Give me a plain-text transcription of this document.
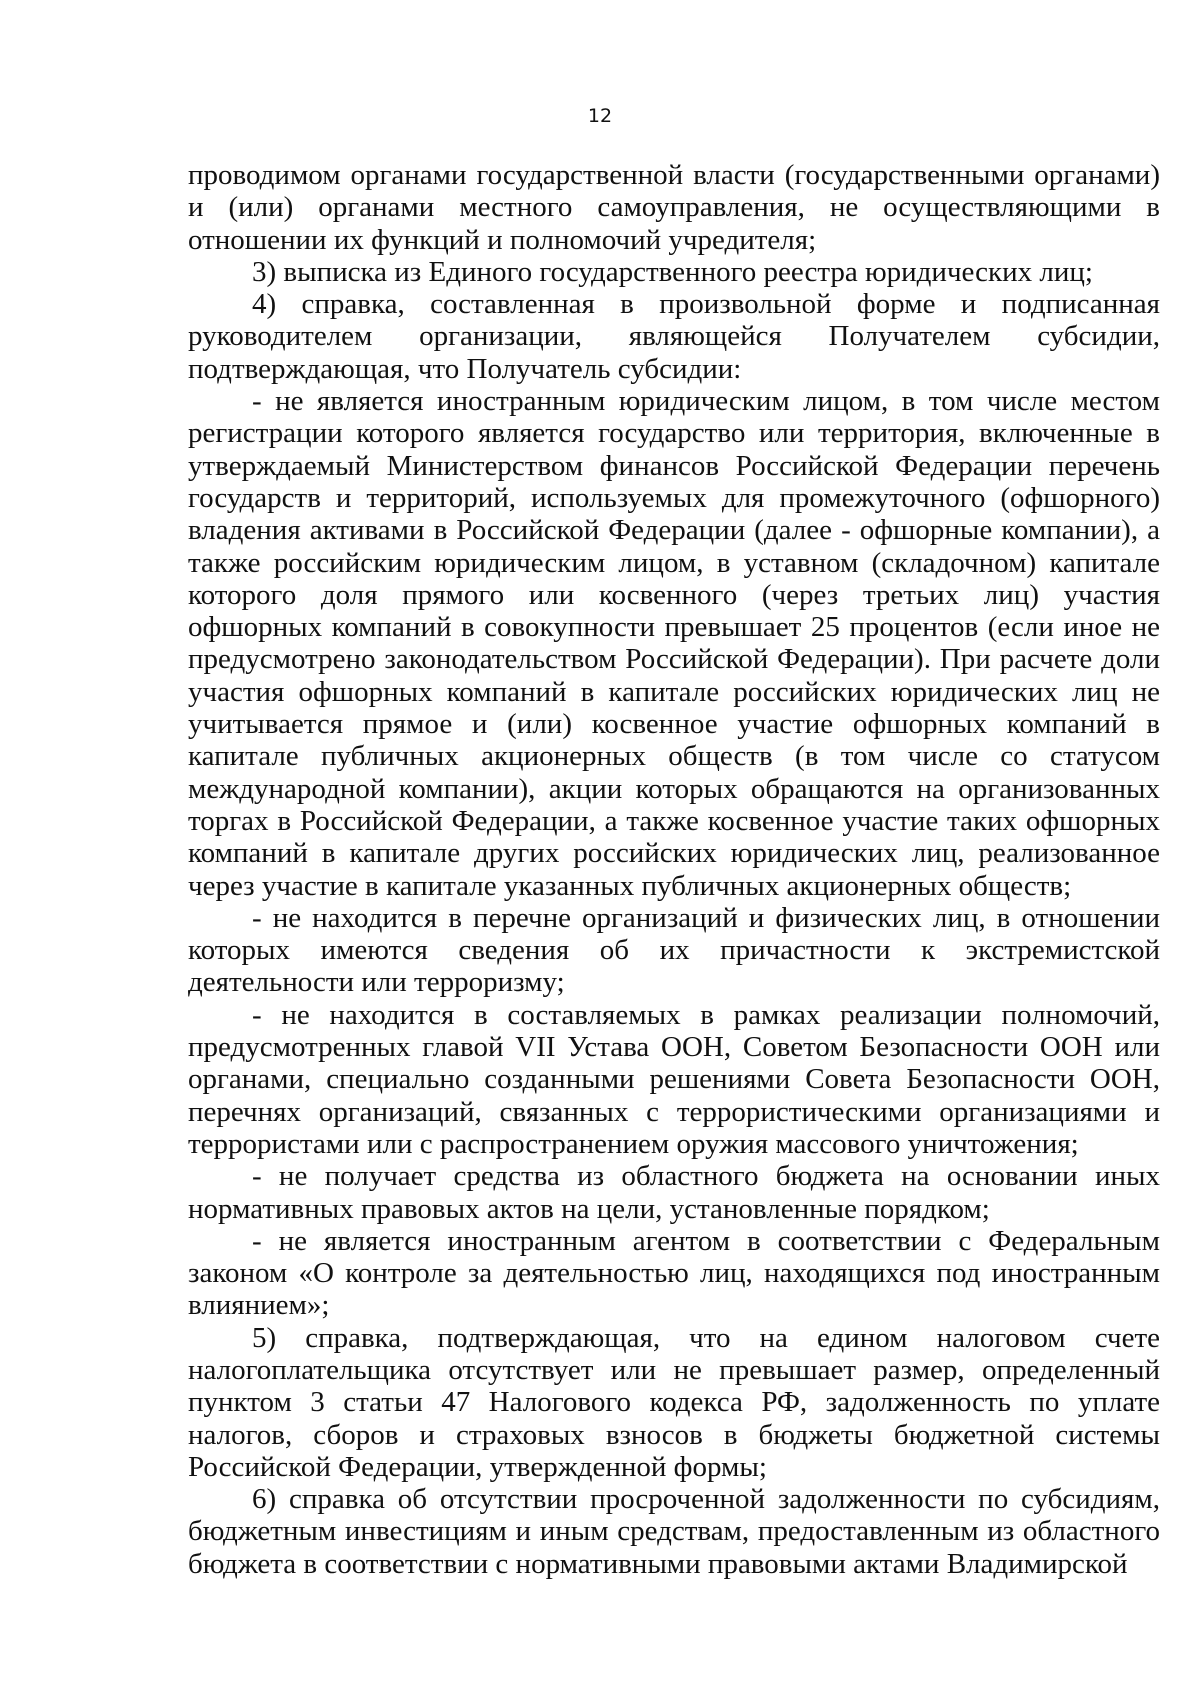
12

проводимом органами государственной власти (государственными органами) и (или) органами местного самоуправления, не осуществляющими в отношении их функций и полномочий учредителя;

3) выписка из Единого государственного реестра юридических лиц;

4) справка, составленная в произвольной форме и подписанная руководителем организации, являющейся Получателем субсидии, подтверждающая, что Получатель субсидии:

- не является иностранным юридическим лицом, в том числе местом регистрации которого является государство или территория, включенные в утверждаемый Министерством финансов Российской Федерации перечень государств и территорий, используемых для промежуточного (офшорного) владения активами в Российской Федерации (далее - офшорные компании), а также российским юридическим лицом, в уставном (складочном) капитале которого доля прямого или косвенного (через третьих лиц) участия офшорных компаний в совокупности превышает 25 процентов (если иное не предусмотрено законодательством Российской Федерации). При расчете доли участия офшорных компаний в капитале российских юридических лиц не учитывается прямое и (или) косвенное участие офшорных компаний в капитале публичных акционерных обществ (в том числе со статусом международной компании), акции которых обращаются на организованных торгах в Российской Федерации, а также косвенное участие таких офшорных компаний в капитале других российских юридических лиц, реализованное через участие в капитале указанных публичных акционерных обществ;

- не находится в перечне организаций и физических лиц, в отношении которых имеются сведения об их причастности к экстремистской деятельности или терроризму;

- не находится в составляемых в рамках реализации полномочий, предусмотренных главой VII Устава ООН, Советом Безопасности ООН или органами, специально созданными решениями Совета Безопасности ООН, перечнях организаций, связанных с террористическими организациями и террористами или с распространением оружия массового уничтожения;

- не получает средства из областного бюджета на основании иных нормативных правовых актов на цели, установленные порядком;

- не является иностранным агентом в соответствии с Федеральным законом «О контроле за деятельностью лиц, находящихся под иностранным влиянием»;

5) справка, подтверждающая, что на едином налоговом счете налогоплательщика отсутствует или не превышает размер, определенный пунктом 3 статьи 47 Налогового кодекса РФ, задолженность по уплате налогов, сборов и страховых взносов в бюджеты бюджетной системы Российской Федерации, утвержденной формы;

6) справка об отсутствии просроченной задолженности по субсидиям, бюджетным инвестициям и иным средствам, предоставленным из областного бюджета в соответствии с нормативными правовыми актами Владимирской
